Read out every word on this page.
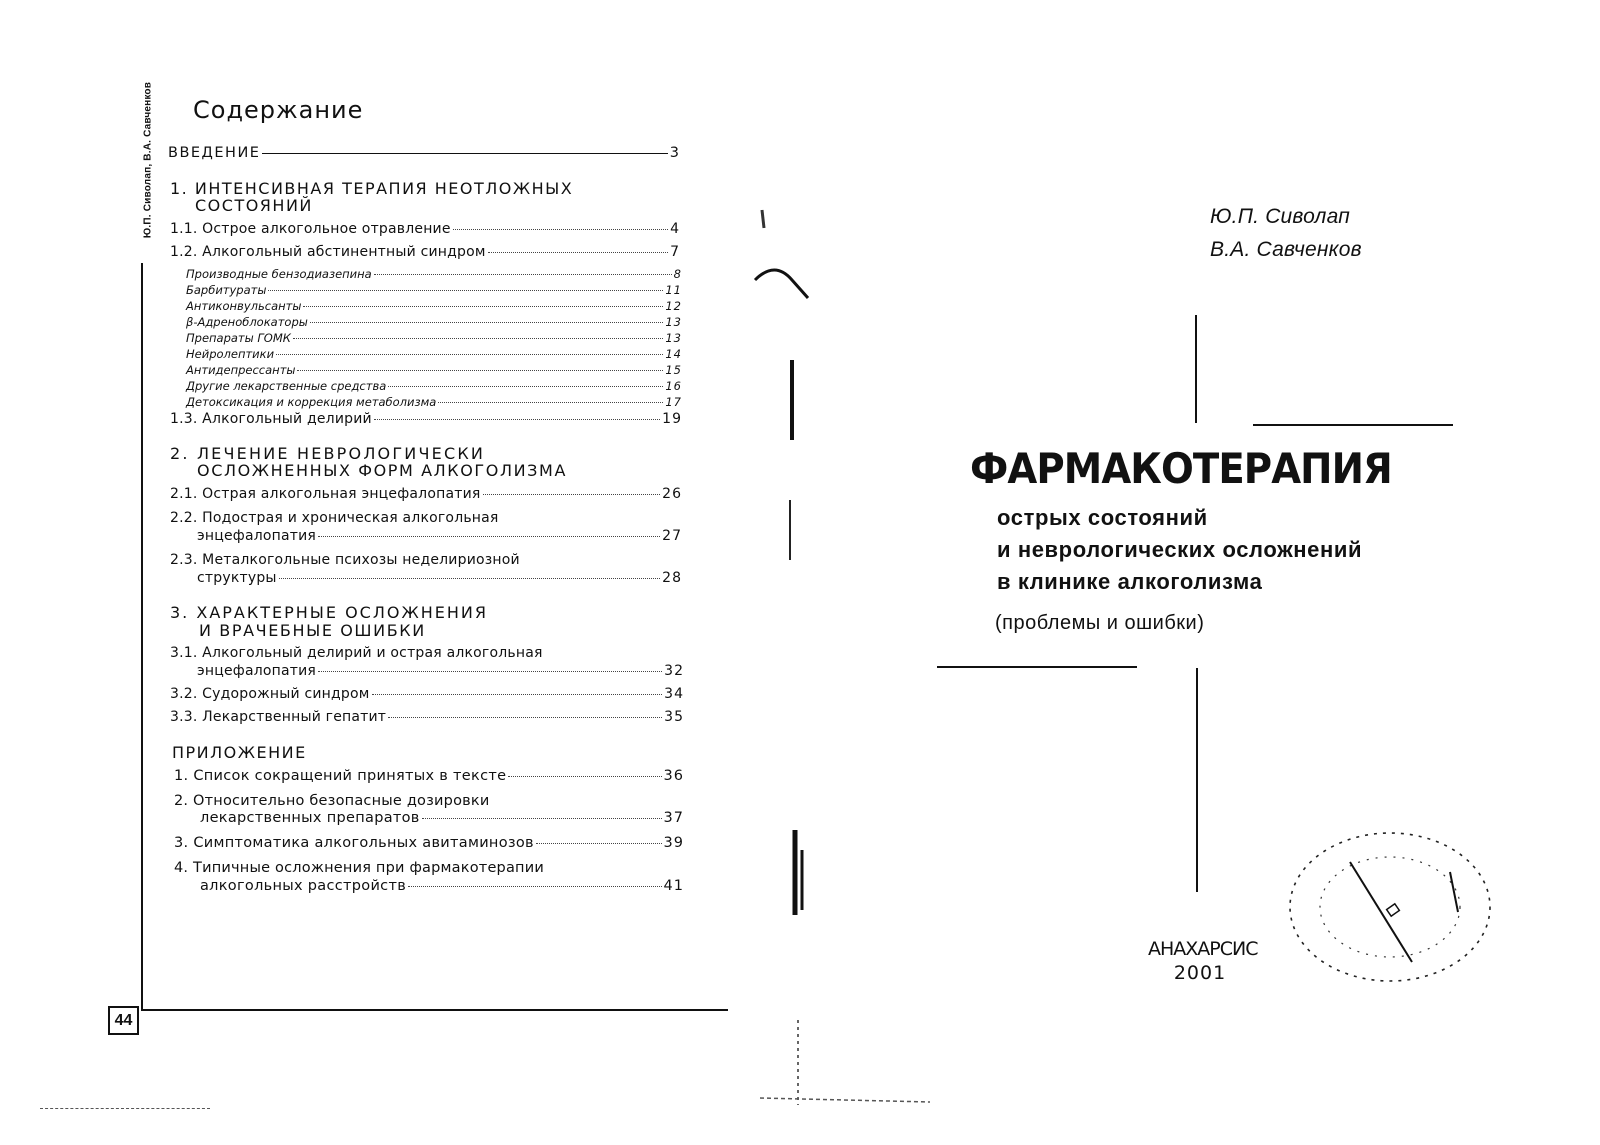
Ю.П. Сиволап, В.А. Савченков
44
Содержание
ВВЕДЕНИЕ	3
1. ИНТЕНСИВНАЯ ТЕРАПИЯ НЕОТЛОЖНЫХ
СОСТОЯНИЙ
1.1. Острое алкогольное отравление	4
1.2. Алкогольный абстинентный синдром	7
Производные бензодиазепина	8
Барбитураты	11
Антиконвульсанты	12
β-Адреноблокаторы	13
Препараты ГОМК	13
Нейролептики	14
Антидепрессанты	15
Другие лекарственные средства	16
Детоксикация и коррекция метаболизма	17
1.3. Алкогольный делирий	19
2. ЛЕЧЕНИЕ НЕВРОЛОГИЧЕСКИ
ОСЛОЖНЕННЫХ ФОРМ АЛКОГОЛИЗМА
2.1. Острая алкогольная энцефалопатия	26
2.2. Подострая и хроническая алкогольная
энцефалопатия	27
2.3. Металкогольные психозы неделириозной
структуры	28
3. ХАРАКТЕРНЫЕ ОСЛОЖНЕНИЯ
И ВРАЧЕБНЫЕ ОШИБКИ
3.1. Алкогольный делирий и острая алкогольная
энцефалопатия	32
3.2. Судорожный синдром	34
3.3. Лекарственный гепатит	35
ПРИЛОЖЕНИЕ
1. Список сокращений принятых в тексте	36
2. Относительно безопасные дозировки
лекарственных препаратов	37
3. Симптоматика алкогольных авитаминозов	39
4. Типичные осложнения при фармакотерапии
алкогольных расстройств	41
Ю.П. Сиволап
В.А. Савченков
ФАРМАКОТЕРАПИЯ
острых состояний
и неврологических осложнений
в клинике алкоголизма
(проблемы и ошибки)
АНАХАРСИС
2001
